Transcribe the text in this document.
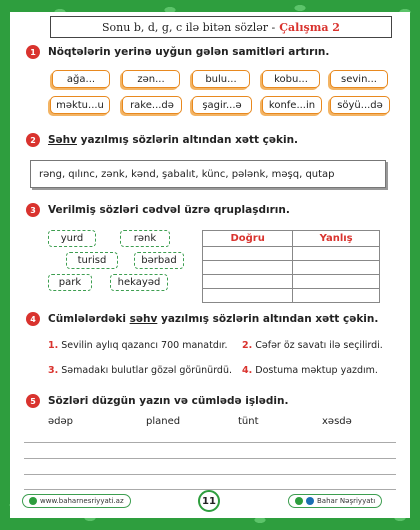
Sonu b, d, g, c ilə bitən sözlər - Çalışma 2
1	Nöqtələrin yerinə uyğun gələn samitləri artırın.
ağa...	zən...	bulu...	kobu...	sevin...
məktu...u	rake...də	şagir...ə	konfe...in	söyü...də
2	Səhv yazılmış sözlərin altından xətt çəkin.
rəng, qılınc, zənk, kənd, şabalıt, künc, pələnk, məşq, qutap
3	Verilmiş sözləri cədvəl üzrə qruplaşdırın.
yurd	rənk
turisd	bərbad
park	hekayəd
Doğru	Yanlış

4	Cümlələrdəki səhv yazılmış sözlərin altından xətt çəkin.
1. Sevilin aylıq qazancı 700 manatdır. 2. Cəfər öz savatı ilə seçilirdi.
3. Səmadakı bulutlar gözəl görünürdü. 4. Dostuma məktup yazdım.
5	Sözləri düzgün yazın və cümlədə işlədin.
ədəp	planed	tünt	xəsdə
www.baharnesriyyati.az	11	Bahar Nəşriyyatı
